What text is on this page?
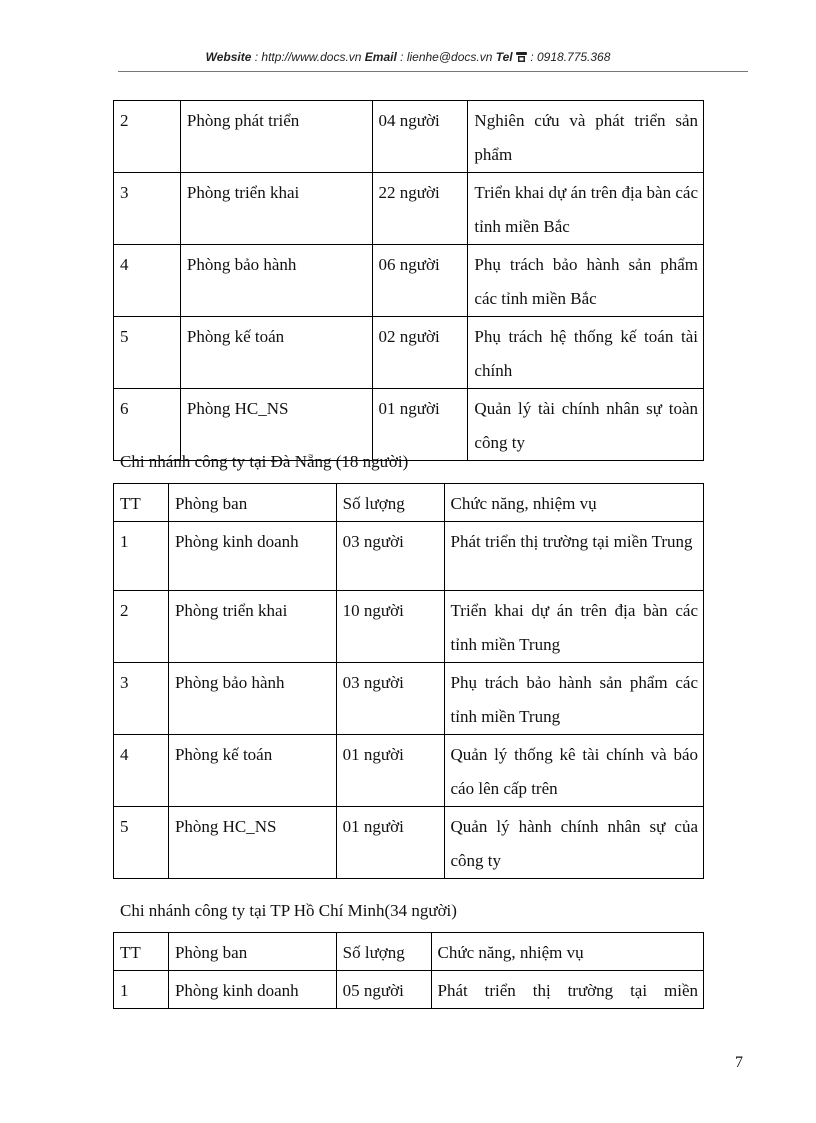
Website : http://www.docs.vn Email : lienhe@docs.vn Tel : 0918.775.368
2	Phòng phát triển	04 người	Nghiên cứu và phát triển sản phẩm
3	Phòng triển khai	22 người	Triển khai dự án trên địa bàn các tỉnh miền Bắc
4	Phòng bảo hành	06 người	Phụ trách bảo hành sản phẩm các tỉnh miền Bắc
5	Phòng kế toán	02 người	Phụ trách hệ thống kế toán tài chính
6	Phòng HC_NS	01 người	Quản lý tài chính nhân sự toàn công ty
Chi nhánh công ty tại Đà Nẵng (18 người)
TT	Phòng ban	Số lượng	Chức năng, nhiệm vụ
1	Phòng kinh doanh	03 người	Phát triển thị trường tại miền Trung
2	Phòng triển khai	10 người	Triển khai dự án trên địa bàn các tỉnh miền Trung
3	Phòng bảo hành	03 người	Phụ trách bảo hành sản phẩm các tỉnh miền Trung
4	Phòng kế toán	01 người	Quản lý thống kê tài chính và báo cáo lên cấp trên
5	Phòng HC_NS	01 người	Quản lý hành chính nhân sự của công ty
Chi nhánh công ty tại TP Hồ Chí Minh(34 người)
TT	Phòng ban	Số lượng	Chức năng, nhiệm vụ
1	Phòng kinh doanh	05 người	Phát triển thị trường tại miền
7
